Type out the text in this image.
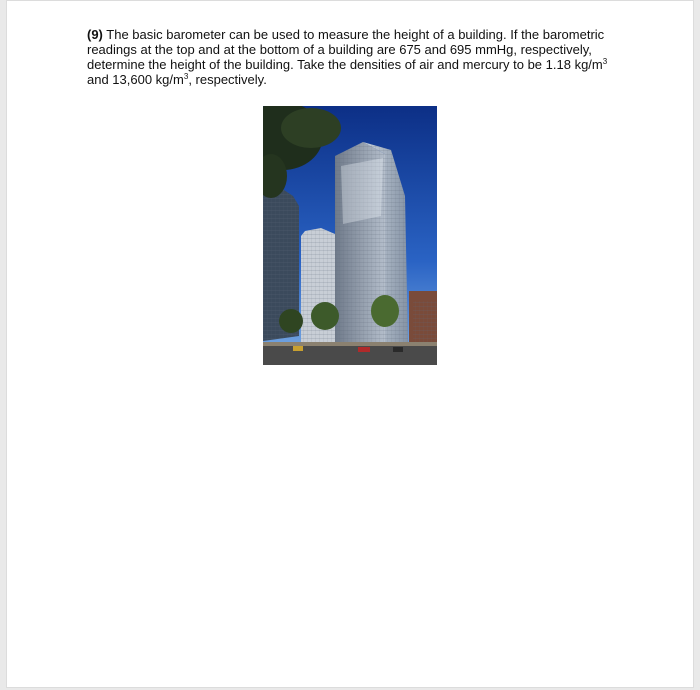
(9) The basic barometer can be used to measure the height of a building. If the barometric readings at the top and at the bottom of a building are 675 and 695 mmHg, respectively, determine the height of the building. Take the densities of air and mercury to be 1.18 $kg/m^3$ and 13,600 $kg/m^3$, respectively.
